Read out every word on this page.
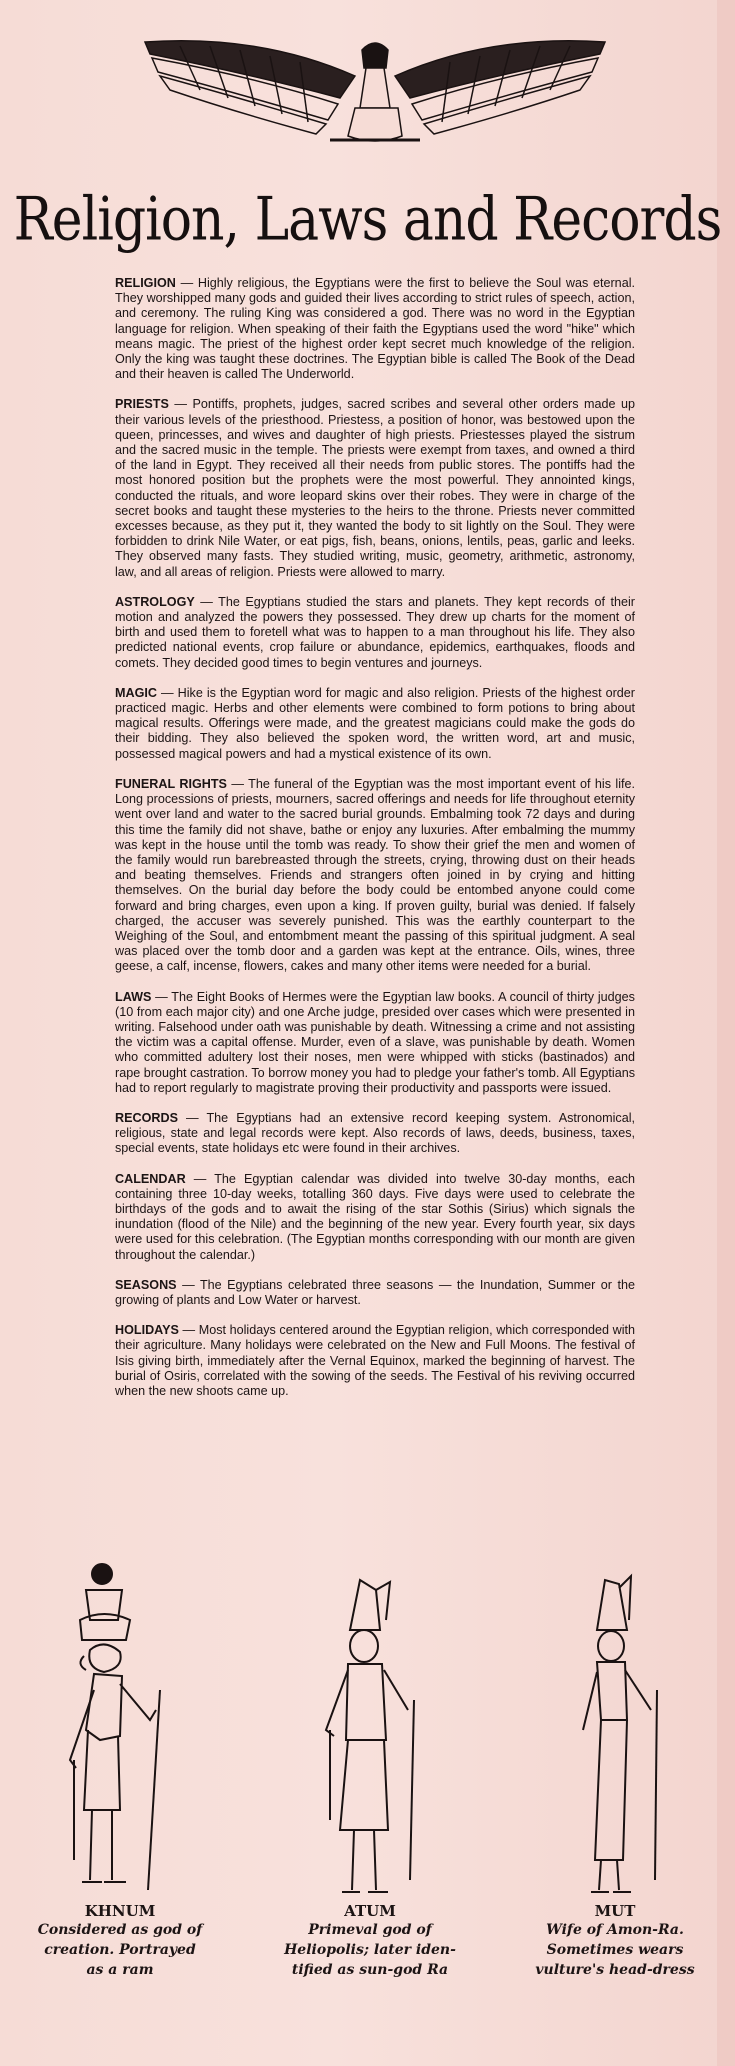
Religion, Laws and Records

RELIGION — Highly religious, the Egyptians were the first to believe the Soul was eternal. They worshipped many gods and guided their lives according to strict rules of speech, action, and ceremony. The ruling King was considered a god. There was no word in the Egyptian language for religion. When speaking of their faith the Egyptians used the word "hike" which means magic. The priest of the highest order kept secret much knowledge of the religion. Only the king was taught these doctrines. The Egyptian bible is called The Book of the Dead and their heaven is called The Underworld.

PRIESTS — Pontiffs, prophets, judges, sacred scribes and several other orders made up their various levels of the priesthood. Priestess, a position of honor, was bestowed upon the queen, princesses, and wives and daughter of high priests. Priestesses played the sistrum and the sacred music in the temple. The priests were exempt from taxes, and owned a third of the land in Egypt. They received all their needs from public stores. The pontiffs had the most honored position but the prophets were the most powerful. They annointed kings, conducted the rituals, and wore leopard skins over their robes. They were in charge of the secret books and taught these mysteries to the heirs to the throne. Priests never committed excesses because, as they put it, they wanted the body to sit lightly on the Soul. They were forbidden to drink Nile Water, or eat pigs, fish, beans, onions, lentils, peas, garlic and leeks. They observed many fasts. They studied writing, music, geometry, arithmetic, astronomy, law, and all areas of religion. Priests were allowed to marry.

ASTROLOGY — The Egyptians studied the stars and planets. They kept records of their motion and analyzed the powers they possessed. They drew up charts for the moment of birth and used them to foretell what was to happen to a man throughout his life. They also predicted national events, crop failure or abundance, epidemics, earthquakes, floods and comets. They decided good times to begin ventures and journeys.

MAGIC — Hike is the Egyptian word for magic and also religion. Priests of the highest order practiced magic. Herbs and other elements were combined to form potions to bring about magical results. Offerings were made, and the greatest magicians could make the gods do their bidding. They also believed the spoken word, the written word, art and music, possessed magical powers and had a mystical existence of its own.

FUNERAL RIGHTS — The funeral of the Egyptian was the most important event of his life. Long processions of priests, mourners, sacred offerings and needs for life throughout eternity went over land and water to the sacred burial grounds. Embalming took 72 days and during this time the family did not shave, bathe or enjoy any luxuries. After embalming the mummy was kept in the house until the tomb was ready. To show their grief the men and women of the family would run barebreasted through the streets, crying, throwing dust on their heads and beating themselves. Friends and strangers often joined in by crying and hitting themselves. On the burial day before the body could be entombed anyone could come forward and bring charges, even upon a king. If proven guilty, burial was denied. If falsely charged, the accuser was severely punished. This was the earthly counterpart to the Weighing of the Soul, and entombment meant the passing of this spiritual judgment. A seal was placed over the tomb door and a garden was kept at the entrance. Oils, wines, three geese, a calf, incense, flowers, cakes and many other items were needed for a burial.

LAWS — The Eight Books of Hermes were the Egyptian law books. A council of thirty judges (10 from each major city) and one Arche judge, presided over cases which were presented in writing. Falsehood under oath was punishable by death. Witnessing a crime and not assisting the victim was a capital offense. Murder, even of a slave, was punishable by death. Women who committed adultery lost their noses, men were whipped with sticks (bastinados) and rape brought castration. To borrow money you had to pledge your father's tomb. All Egyptians had to report regularly to magistrate proving their productivity and passports were issued.

RECORDS — The Egyptians had an extensive record keeping system. Astronomical, religious, state and legal records were kept. Also records of laws, deeds, business, taxes, special events, state holidays etc were found in their archives.

CALENDAR — The Egyptian calendar was divided into twelve 30-day months, each containing three 10-day weeks, totalling 360 days. Five days were used to celebrate the birthdays of the gods and to await the rising of the star Sothis (Sirius) which signals the inundation (flood of the Nile) and the beginning of the new year. Every fourth year, six days were used for this celebration. (The Egyptian months corresponding with our month are given throughout the calendar.)

SEASONS — The Egyptians celebrated three seasons — the Inundation, Summer or the growing of plants and Low Water or harvest.

HOLIDAYS — Most holidays centered around the Egyptian religion, which corresponded with their agriculture. Many holidays were celebrated on the New and Full Moons. The festival of Isis giving birth, immediately after the Vernal Equinox, marked the beginning of harvest. The burial of Osiris, correlated with the sowing of the seeds. The Festival of his reviving occurred when the new shoots came up.

KHNUM
Considered as god of
creation. Portrayed
as a ram
ATUM
Primeval god of
Heliopolis; later iden-
tified as sun-god Ra
MUT
Wife of Amon-Ra.
Sometimes wears
vulture's head-dress
